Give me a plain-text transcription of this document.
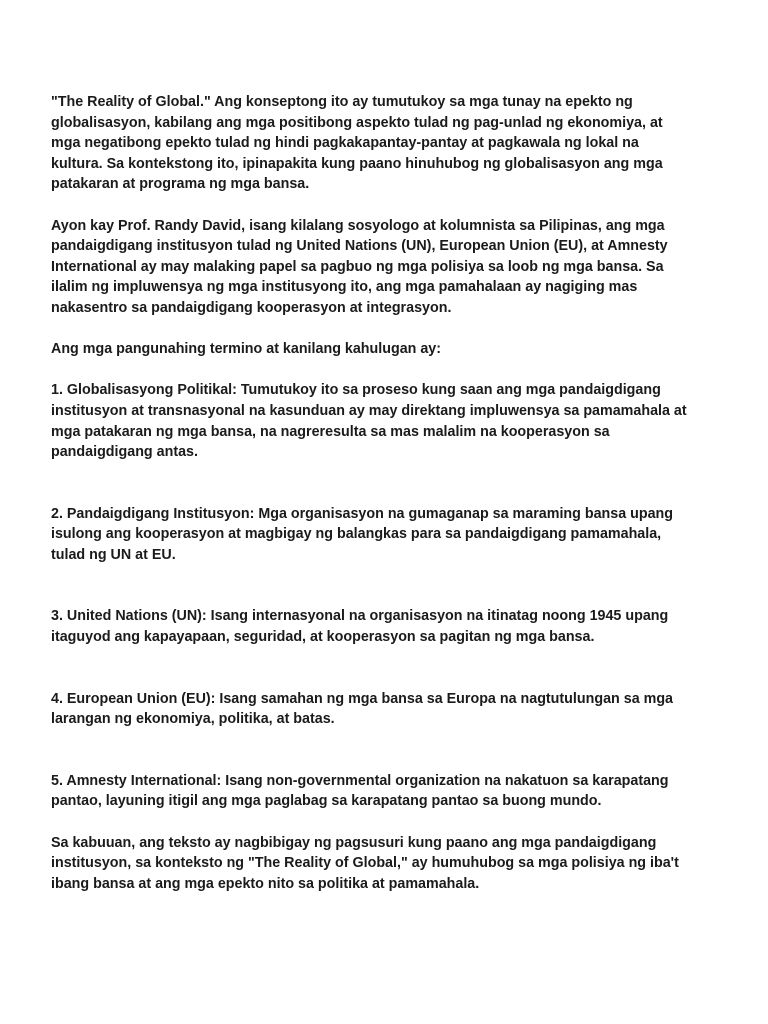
"The Reality of Global." Ang konseptong ito ay tumutukoy sa mga tunay na epekto ng
globalisasyon, kabilang ang mga positibong aspekto tulad ng pag-unlad ng ekonomiya, at
mga negatibong epekto tulad ng hindi pagkakapantay-pantay at pagkawala ng lokal na
kultura. Sa kontekstong ito, ipinapakita kung paano hinuhubog ng globalisasyon ang mga
patakaran at programa ng mga bansa.
Ayon kay Prof. Randy David, isang kilalang sosyologo at kolumnista sa Pilipinas, ang mga
pandaigdigang institusyon tulad ng United Nations (UN), European Union (EU), at Amnesty
International ay may malaking papel sa pagbuo ng mga polisiya sa loob ng mga bansa. Sa
ilalim ng impluwensya ng mga institusyong ito, ang mga pamahalaan ay nagiging mas
nakasentro sa pandaigdigang kooperasyon at integrasyon.
Ang mga pangunahing termino at kanilang kahulugan ay:
1. Globalisasyong Politikal: Tumutukoy ito sa proseso kung saan ang mga pandaigdigang
institusyon at transnasyonal na kasunduan ay may direktang impluwensya sa pamamahala at
mga patakaran ng mga bansa, na nagreresulta sa mas malalim na kooperasyon sa
pandaigdigang antas.
2. Pandaigdigang Institusyon: Mga organisasyon na gumaganap sa maraming bansa upang
isulong ang kooperasyon at magbigay ng balangkas para sa pandaigdigang pamamahala,
tulad ng UN at EU.
3. United Nations (UN): Isang internasyonal na organisasyon na itinatag noong 1945 upang
itaguyod ang kapayapaan, seguridad, at kooperasyon sa pagitan ng mga bansa.
4. European Union (EU): Isang samahan ng mga bansa sa Europa na nagtutulungan sa mga
larangan ng ekonomiya, politika, at batas.
5. Amnesty International: Isang non-governmental organization na nakatuon sa karapatang
pantao, layuning itigil ang mga paglabag sa karapatang pantao sa buong mundo.
Sa kabuuan, ang teksto ay nagbibigay ng pagsusuri kung paano ang mga pandaigdigang
institusyon, sa konteksto ng "The Reality of Global," ay humuhubog sa mga polisiya ng iba't
ibang bansa at ang mga epekto nito sa politika at pamamahala.
